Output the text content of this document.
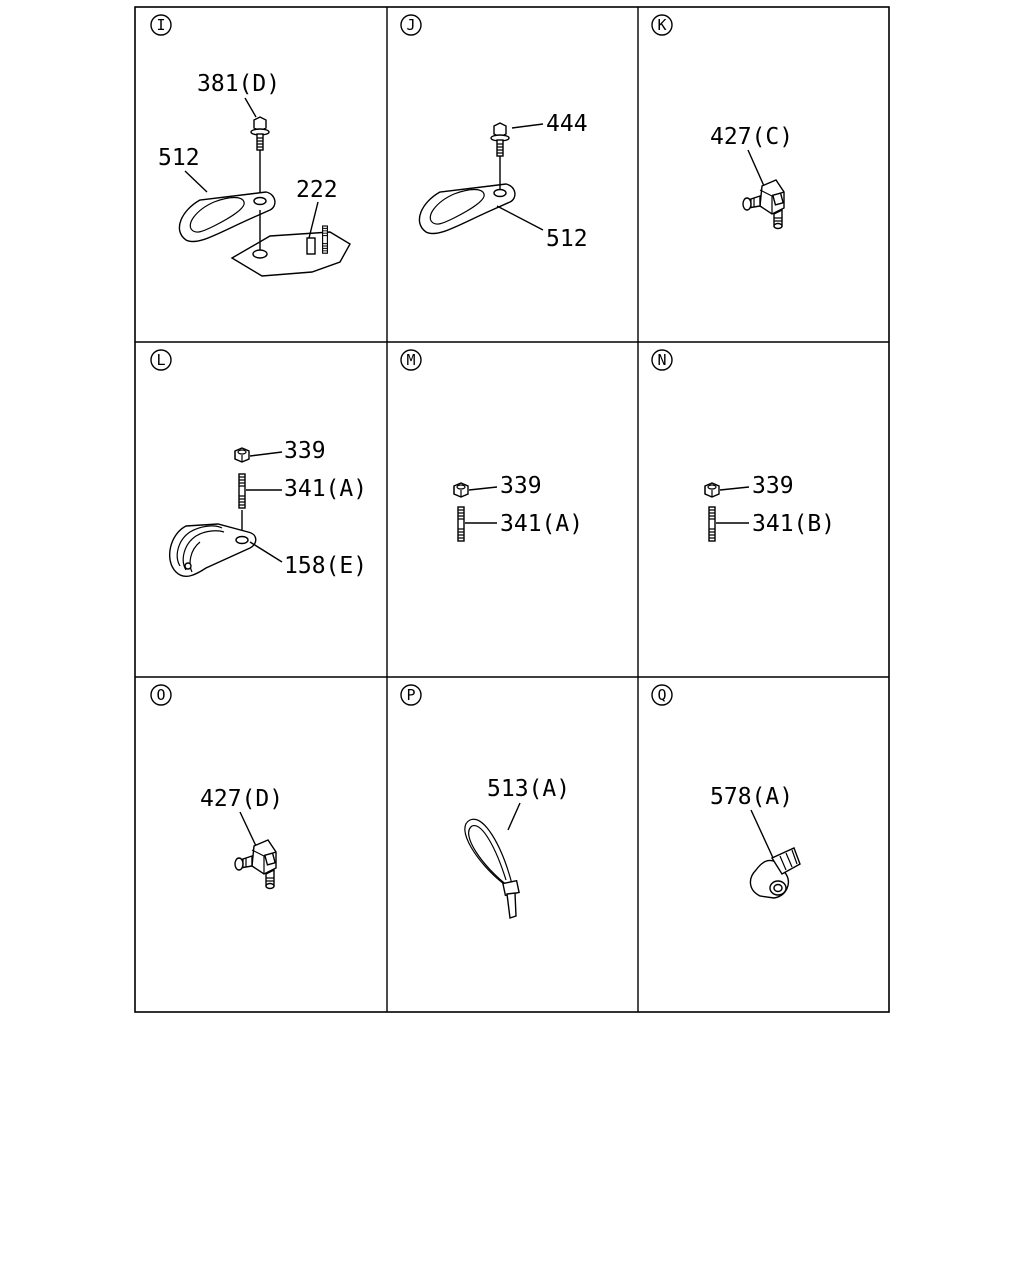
I
381(D)
512
222
J
444
512
K
427(C)
L
339
341(A)
158(E)
M
339
341(A)
N
339
341(B)
O
427(D)
P
513(A)
Q
578(A)
